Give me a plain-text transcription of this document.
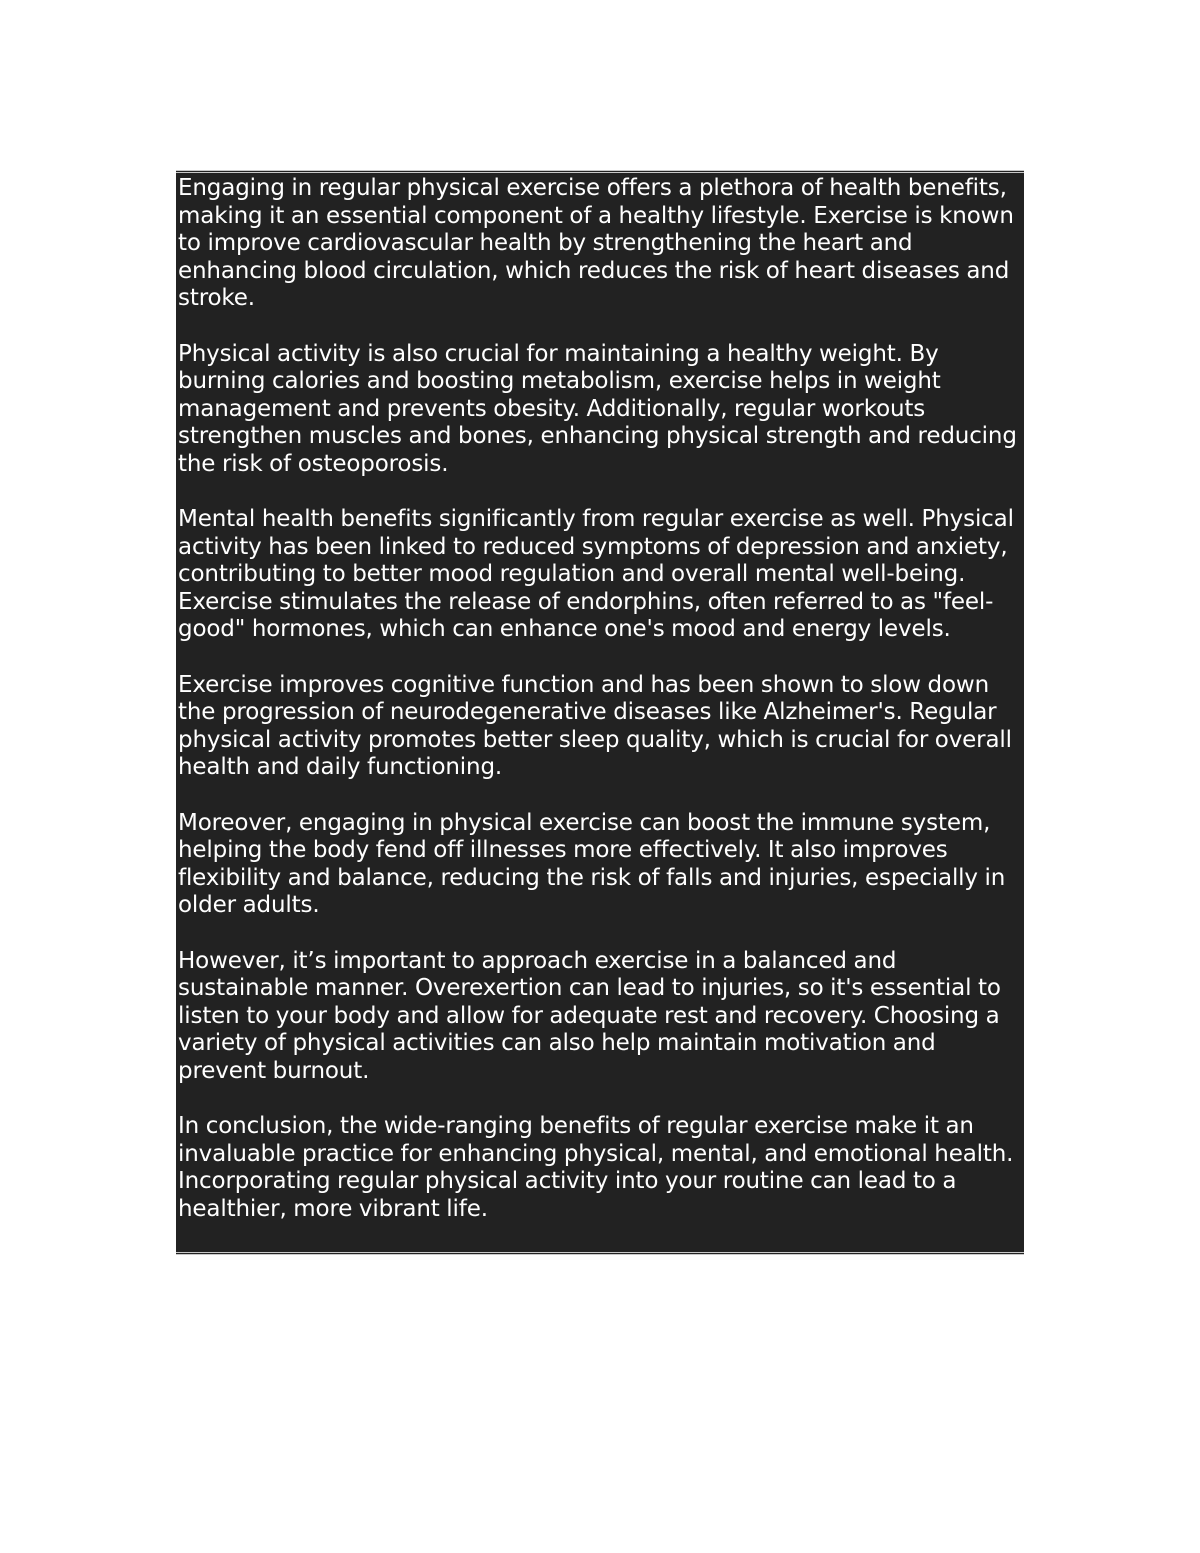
Engaging in regular physical exercise offers a plethora of health benefits, making it an essential component of a healthy lifestyle. Exercise is known to improve cardiovascular health by strengthening the heart and enhancing blood circulation, which reduces the risk of heart diseases and stroke.

Physical activity is also crucial for maintaining a healthy weight. By burning calories and boosting metabolism, exercise helps in weight management and prevents obesity. Additionally, regular workouts strengthen muscles and bones, enhancing physical strength and reducing the risk of osteoporosis.

Mental health benefits significantly from regular exercise as well. Physical activity has been linked to reduced symptoms of depression and anxiety, contributing to better mood regulation and overall mental well-being. Exercise stimulates the release of endorphins, often referred to as "feel-good" hormones, which can enhance one's mood and energy levels.

Exercise improves cognitive function and has been shown to slow down the progression of neurodegenerative diseases like Alzheimer's. Regular physical activity promotes better sleep quality, which is crucial for overall health and daily functioning.

Moreover, engaging in physical exercise can boost the immune system, helping the body fend off illnesses more effectively. It also improves flexibility and balance, reducing the risk of falls and injuries, especially in older adults.

However, it’s important to approach exercise in a balanced and sustainable manner. Overexertion can lead to injuries, so it's essential to listen to your body and allow for adequate rest and recovery. Choosing a variety of physical activities can also help maintain motivation and prevent burnout.

In conclusion, the wide-ranging benefits of regular exercise make it an invaluable practice for enhancing physical, mental, and emotional health. Incorporating regular physical activity into your routine can lead to a healthier, more vibrant life.
